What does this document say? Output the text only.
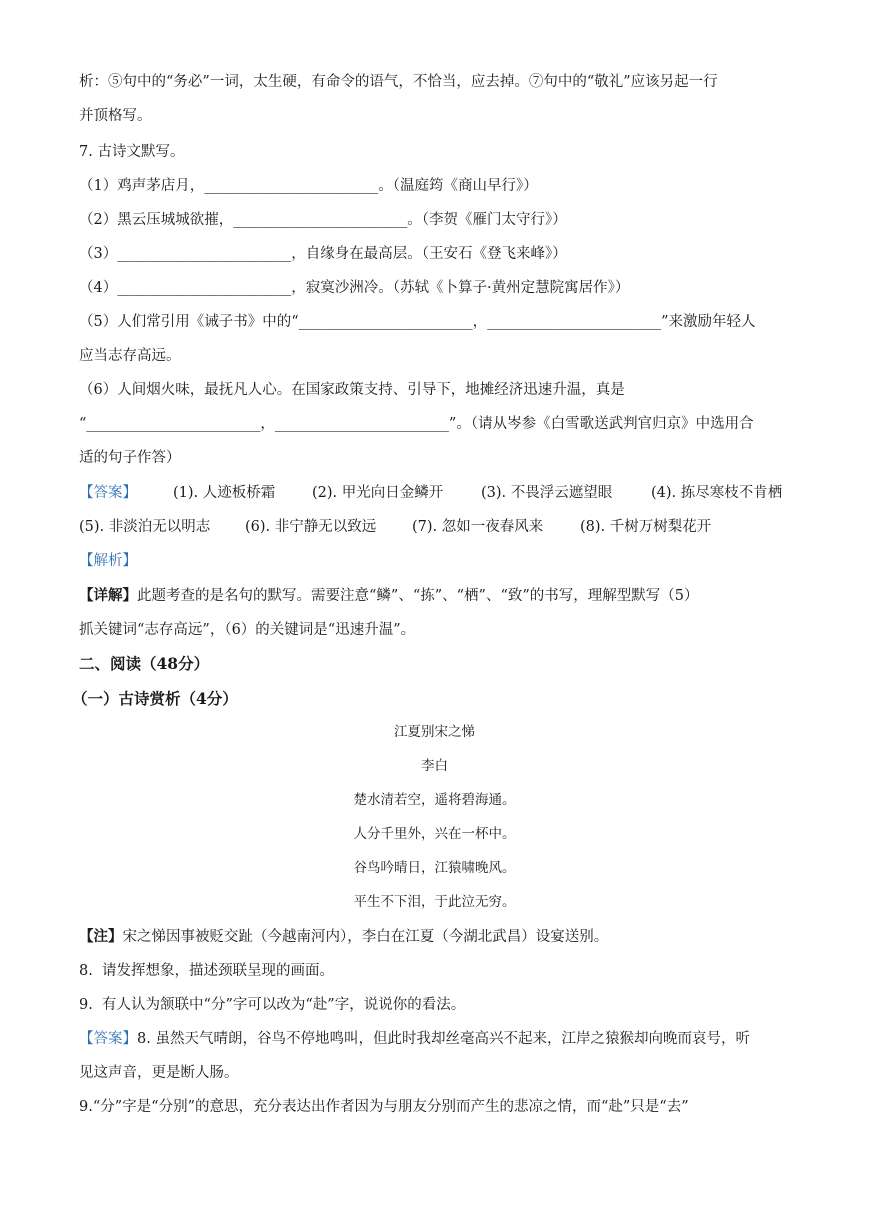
析：⑤句中的“务必”一词，太生硬，有命令的语气，不恰当，应去掉。⑦句中的“敬礼”应该另起一行
并顶格写。
7. 古诗文默写。
（1）鸡声茅店月，________________________。（温庭筠《商山早行》）
（2）黑云压城城欲摧，________________________。（李贺《雁门太守行》）
（3）________________________，自缘身在最高层。（王安石《登飞来峰》）
（4）________________________，寂寞沙洲冷。（苏轼《卜算子·黄州定慧院寓居作》）
（5）人们常引用《诫子书》中的“________________________，________________________”来激励年轻人
应当志存高远。
（6）人间烟火味，最抚凡人心。在国家政策支持、引导下，地摊经济迅速升温，真是
“________________________，________________________”。（请从岑参《白雪歌送武判官归京》中选用合
适的句子作答）
【答案】 (1). 人迹板桥霜	(2). 甲光向日金鳞开	(3). 不畏浮云遮望眼	(4). 拣尽寒枝不肯栖
(5). 非淡泊无以明志 (6). 非宁静无以致远 (7). 忽如一夜春风来	(8). 千树万树梨花开
【解析】
【详解】此题考查的是名句的默写。需要注意“鳞”、“拣”、“栖”、“致”的书写，理解型默写（5）
抓关键词“志存高远”，（6）的关键词是“迅速升温”。
二、阅读（48分）
（一）古诗赏析（4分）
江夏别宋之悌
李白
楚水清若空，遥将碧海通。
人分千里外，兴在一杯中。
谷鸟吟晴日，江猿啸晚风。
平生不下泪，于此泣无穷。
【注】宋之悌因事被贬交趾（今越南河内），李白在江夏（今湖北武昌）设宴送别。
8.  请发挥想象，描述颈联呈现的画面。
9.  有人认为颔联中“分”字可以改为“赴”字，说说你的看法。
【答案】8. 虽然天气晴朗，谷鸟不停地鸣叫，但此时我却丝毫高兴不起来，江岸之猿猴却向晚而哀号，听
见这声音，更是断人肠。
9.“分”字是“分别”的意思，充分表达出作者因为与朋友分别而产生的悲凉之情，而“赴”只是“去”
